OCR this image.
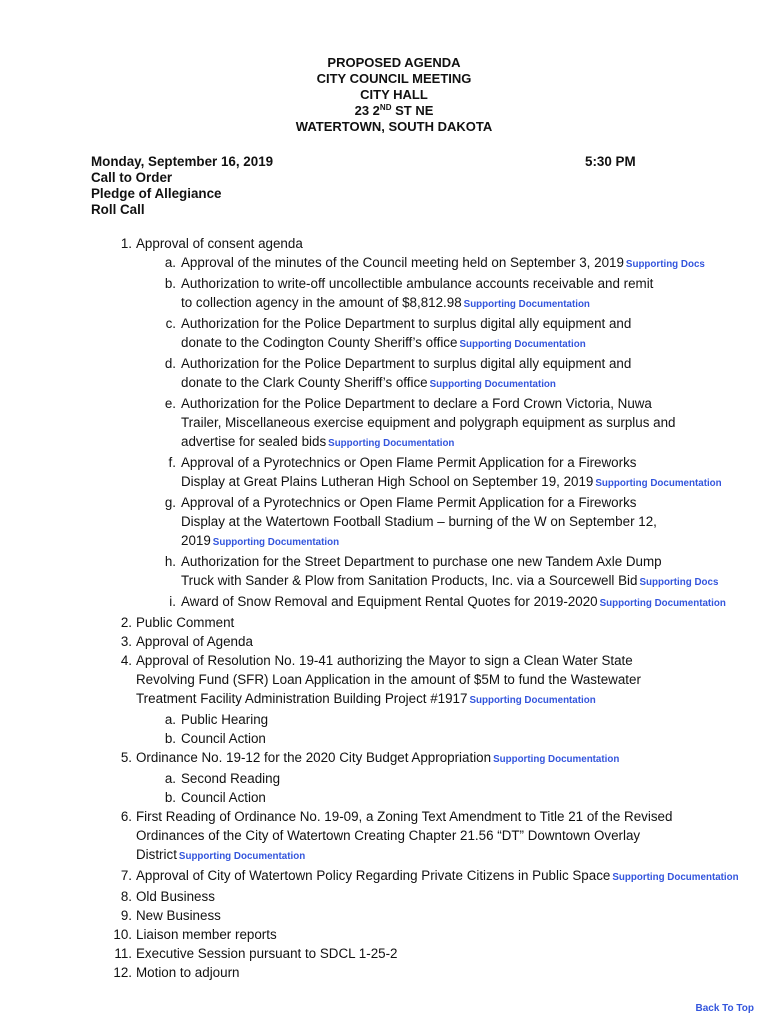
PROPOSED AGENDA
CITY COUNCIL MEETING
CITY HALL
23 2ND ST NE
WATERTOWN, SOUTH DAKOTA
Monday, September 16, 2019
Call to Order
Pledge of Allegiance
Roll Call
5:30 PM
1. Approval of consent agenda
a. Approval of the minutes of the Council meeting held on September 3, 2019 Supporting Docs
b. Authorization to write-off uncollectible ambulance accounts receivable and remit
to collection agency in the amount of $8,812.98 Supporting Documentation
c. Authorization for the Police Department to surplus digital ally equipment and
donate to the Codington County Sheriff’s office Supporting Documentation
d. Authorization for the Police Department to surplus digital ally equipment and
donate to the Clark County Sheriff’s office Supporting Documentation
e. Authorization for the Police Department to declare a Ford Crown Victoria, Nuwa
Trailer, Miscellaneous exercise equipment and polygraph equipment as surplus and
advertise for sealed bids Supporting Documentation
f. Approval of a Pyrotechnics or Open Flame Permit Application for a Fireworks
Display at Great Plains Lutheran High School on September 19, 2019 Supporting Documentation
g. Approval of a Pyrotechnics or Open Flame Permit Application for a Fireworks
Display at the Watertown Football Stadium – burning of the W on September 12,
2019 Supporting Documentation
h. Authorization for the Street Department to purchase one new Tandem Axle Dump
Truck with Sander & Plow from Sanitation Products, Inc. via a Sourcewell Bid Supporting Docs
i. Award of Snow Removal and Equipment Rental Quotes for 2019-2020 Supporting Documentation
2. Public Comment
3. Approval of Agenda
4. Approval of Resolution No. 19-41 authorizing the Mayor to sign a Clean Water State
Revolving Fund (SFR) Loan Application in the amount of $5M to fund the Wastewater
Treatment Facility Administration Building Project #1917 Supporting Documentation
a. Public Hearing
b. Council Action
5. Ordinance No. 19-12 for the 2020 City Budget Appropriation Supporting Documentation
a. Second Reading
b. Council Action
6. First Reading of Ordinance No. 19-09, a Zoning Text Amendment to Title 21 of the Revised
Ordinances of the City of Watertown Creating Chapter 21.56 “DT” Downtown Overlay
District Supporting Documentation
7. Approval of City of Watertown Policy Regarding Private Citizens in Public Space Supporting Documentation
8. Old Business
9. New Business
10. Liaison member reports
11. Executive Session pursuant to SDCL 1-25-2
12. Motion to adjourn
Back To Top
